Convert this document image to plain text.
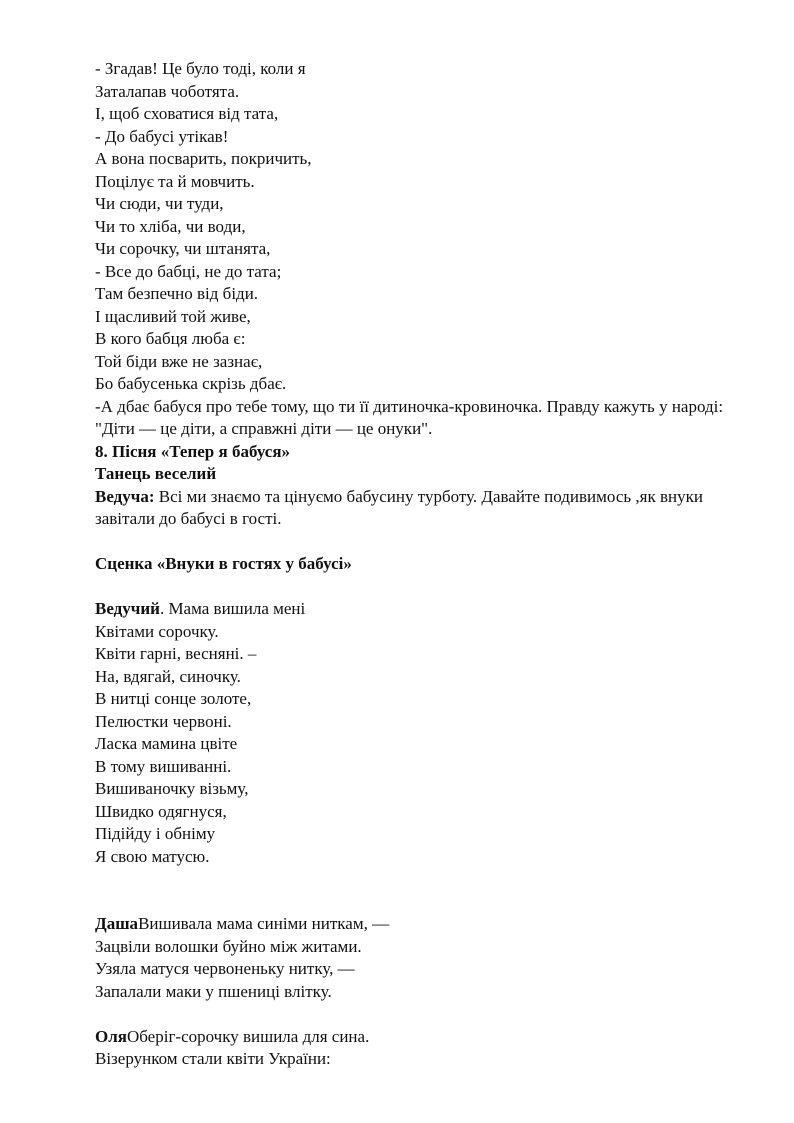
- Згадав! Це було тоді, коли я
Заталапав чоботята.
І, щоб сховатися від тата,
- До бабусі утікав!
А вона посварить, покричить,
Поцілує та й мовчить.
Чи сюди, чи туди,
Чи то хліба, чи води,
Чи сорочку, чи штанята,
- Все до бабці, не до тата;
Там безпечно від біди.
І щасливий той живе,
В кого бабця люба є:
Той біди вже не зазнає,
Бо бабусенька скрізь дбає.
-А дбає бабуся про тебе тому, що ти її дитиночка-кровиночка. Правду кажуть у народі: "Діти — це діти, а справжні діти — це онуки".
8. Пісня «Тепер я бабуся»
Танець веселий
Ведуча: Всі ми знаємо та цінуємо бабусину турботу. Давайте подивимось ,як внуки завітали до бабусі в гості.
Сценка «Внуки в гостях у бабусі»
Ведучий. Мама вишила мені
Квітами сорочку.
Квіти гарні, весняні. –
На, вдягай, синочку.
В нитці сонце золоте,
Пелюстки червоні.
Ласка мамина цвіте
В тому вишиванні.
Вишиваночку візьму,
Швидко одягнуся,
Підійду і обніму
Я свою матусю.
ДашаВишивала мама синіми ниткам, —
Зацвіли волошки буйно між житами.
Узяла матуся червоненьку нитку, —
Запалали маки у пшениці влітку.
ОляОберіг-сорочку вишила для сина.
Візерунком стали квіти України:
